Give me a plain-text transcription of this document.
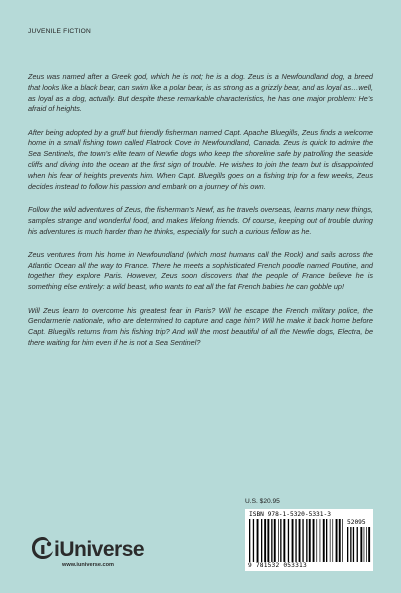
JUVENILE FICTION

Zeus was named after a Greek god, which he is not; he is a dog. Zeus is a Newfoundland dog, a breed that looks like a black bear, can swim like a polar bear, is as strong as a grizzly bear, and as loyal as…well, as loyal as a dog, actually. But despite these remarkable characteristics, he has one major problem: He’s afraid of heights.

After being adopted by a gruff but friendly fisherman named Capt. Apache Bluegills, Zeus finds a welcome home in a small fishing town called Flatrock Cove in Newfoundland, Canada. Zeus is quick to admire the Sea Sentinels, the town’s elite team of Newfie dogs who keep the shoreline safe by patrolling the seaside cliffs and diving into the ocean at the first sign of trouble. He wishes to join the team but is disappointed when his fear of heights prevents him. When Capt. Bluegills goes on a fishing trip for a few weeks, Zeus decides instead to follow his passion and embark on a journey of his own.

Follow the wild adventures of Zeus, the fisherman’s Newf, as he travels overseas, learns many new things, samples strange and wonderful food, and makes lifelong friends. Of course, keeping out of trouble during his adventures is much harder than he thinks, especially for such a curious fellow as he.

Zeus ventures from his home in Newfoundland (which most humans call the Rock) and sails across the Atlantic Ocean all the way to France. There he meets a sophisticated French poodle named Poutine, and together they explore Paris. However, Zeus soon discovers that the people of France believe he is something else entirely: a wild beast, who wants to eat all the fat French babies he can gobble up!

Will Zeus learn to overcome his greatest fear in Paris? Will he escape the French military police, the Gendarmerie nationale, who are determined to capture and cage him? Will he make it back home before Capt. Bluegills returns from his fishing trip? And will the most beautiful of all the Newfie dogs, Electra, be there waiting for him even if he is not a Sea Sentinel?

U.S. $20.95
ISBN 978-1-5320-5331-3
52095
9 781532 053313
iUniverse
www.iuniverse.com
